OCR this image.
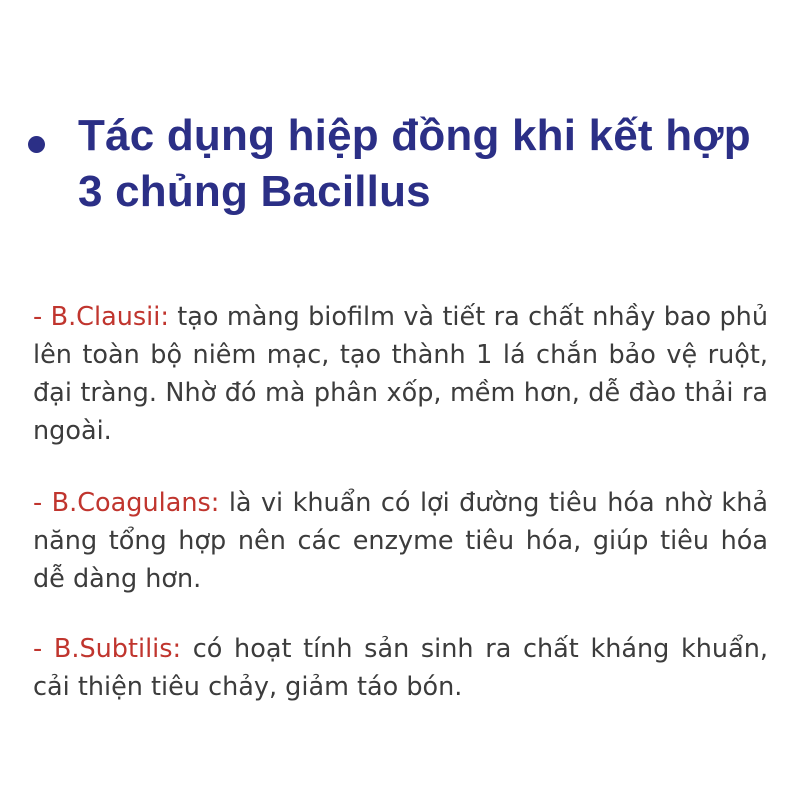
Tác dụng hiệp đồng khi kết hợp
3 chủng Bacillus

- B.Clausii: tạo màng biofilm và tiết ra chất nhầy bao phủ lên toàn bộ niêm mạc, tạo thành 1 lá chắn bảo vệ ruột, đại tràng. Nhờ đó mà phân xốp, mềm hơn, dễ đào thải ra ngoài.

- B.Coagulans: là vi khuẩn có lợi đường tiêu hóa nhờ khả năng tổng hợp nên các enzyme tiêu hóa, giúp tiêu hóa dễ dàng hơn.

- B.Subtilis: có hoạt tính sản sinh ra chất kháng khuẩn, cải thiện tiêu chảy, giảm táo bón.
